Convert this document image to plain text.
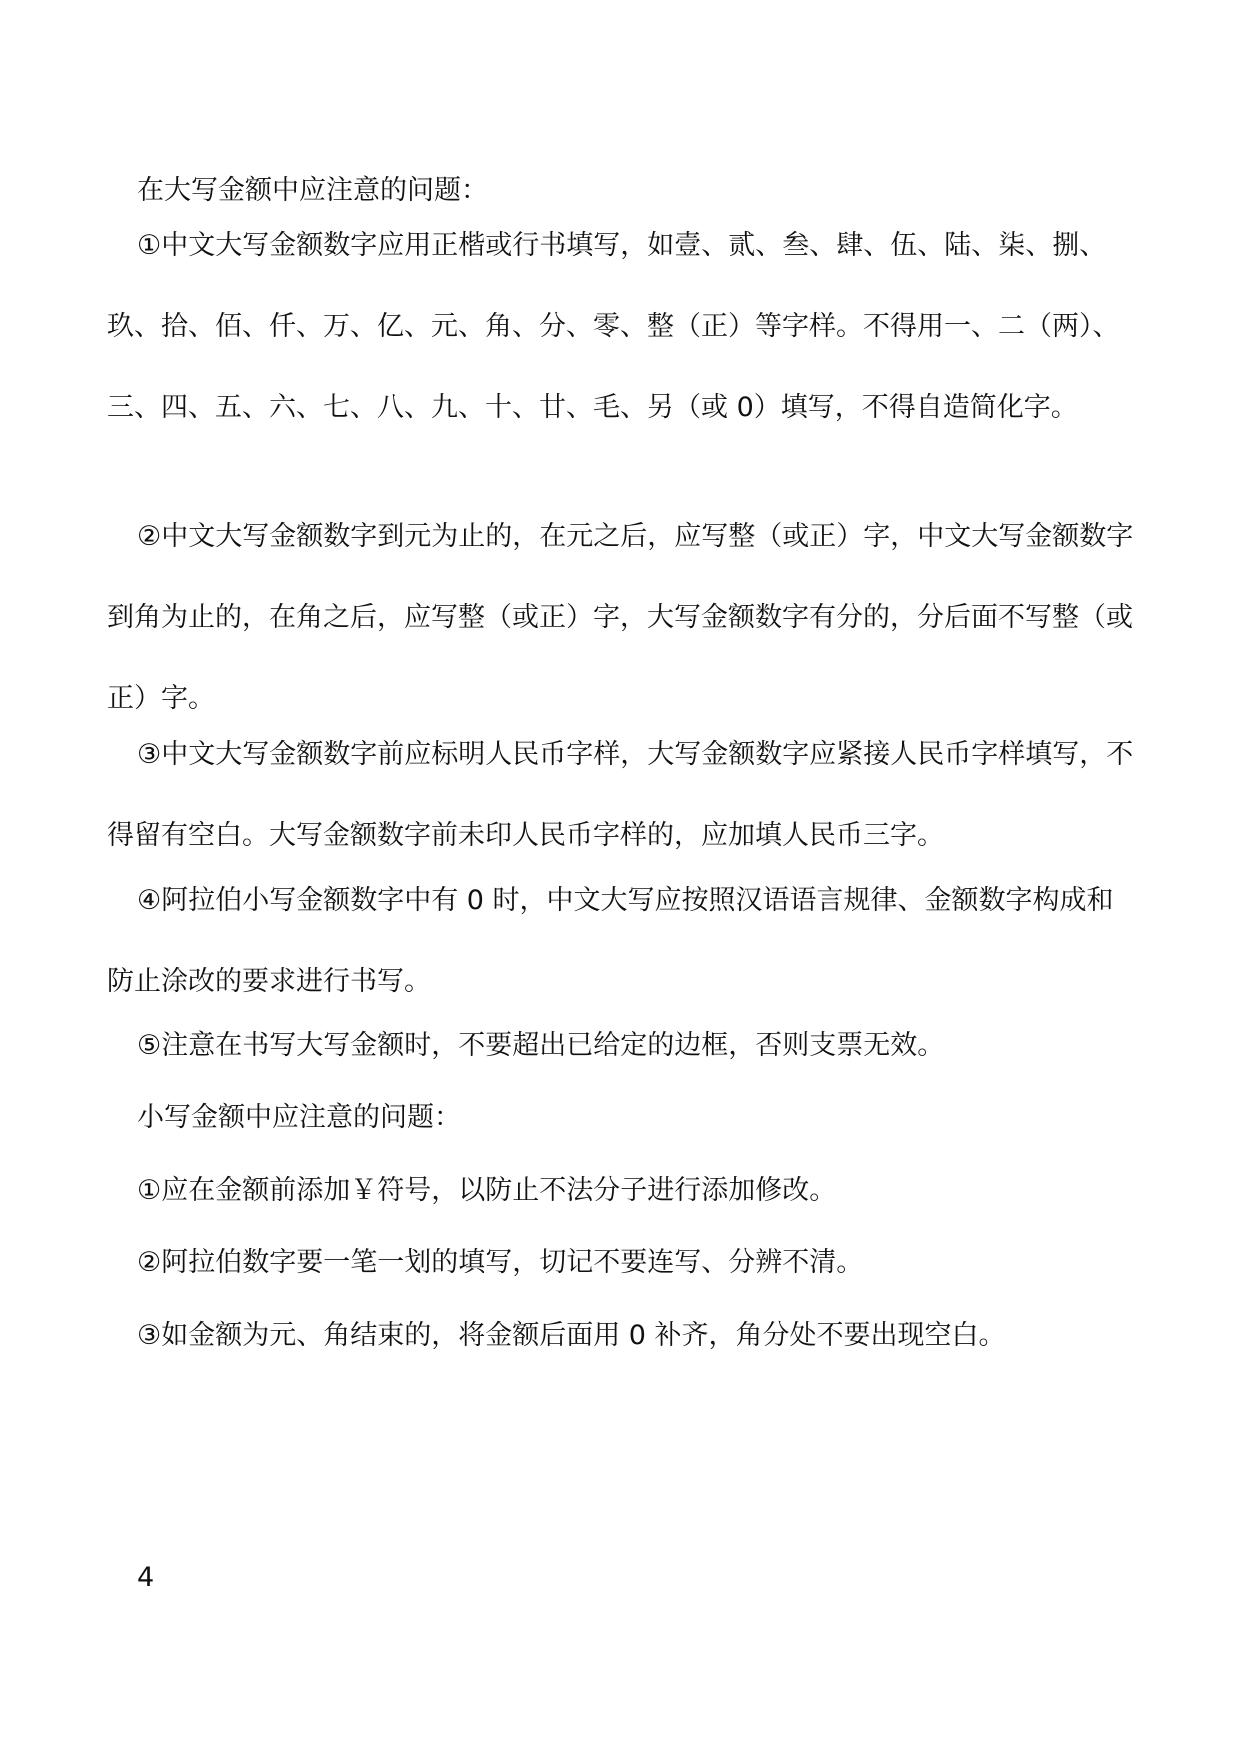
在大写金额中应注意的问题：

①中文大写金额数字应用正楷或行书填写，如壹、贰、叁、肆、伍、陆、柒、捌、玖、拾、佰、仟、万、亿、元、角、分、零、整（正）等字样。不得用一、二（两）、三、四、五、六、七、八、九、十、廿、毛、另（或 0）填写，不得自造简化字。

②中文大写金额数字到元为止的，在元之后，应写整（或正）字，中文大写金额数字到角为止的，在角之后，应写整（或正）字，大写金额数字有分的，分后面不写整（或正）字。

③中文大写金额数字前应标明人民币字样，大写金额数字应紧接人民币字样填写，不得留有空白。大写金额数字前未印人民币字样的，应加填人民币三字。

④阿拉伯小写金额数字中有 0 时，中文大写应按照汉语语言规律、金额数字构成和防止涂改的要求进行书写。

⑤注意在书写大写金额时，不要超出已给定的边框，否则支票无效。

小写金额中应注意的问题：

①应在金额前添加￥符号，以防止不法分子进行添加修改。

②阿拉伯数字要一笔一划的填写，切记不要连写、分辨不清。

③如金额为元、角结束的，将金额后面用 0 补齐，角分处不要出现空白。

4
